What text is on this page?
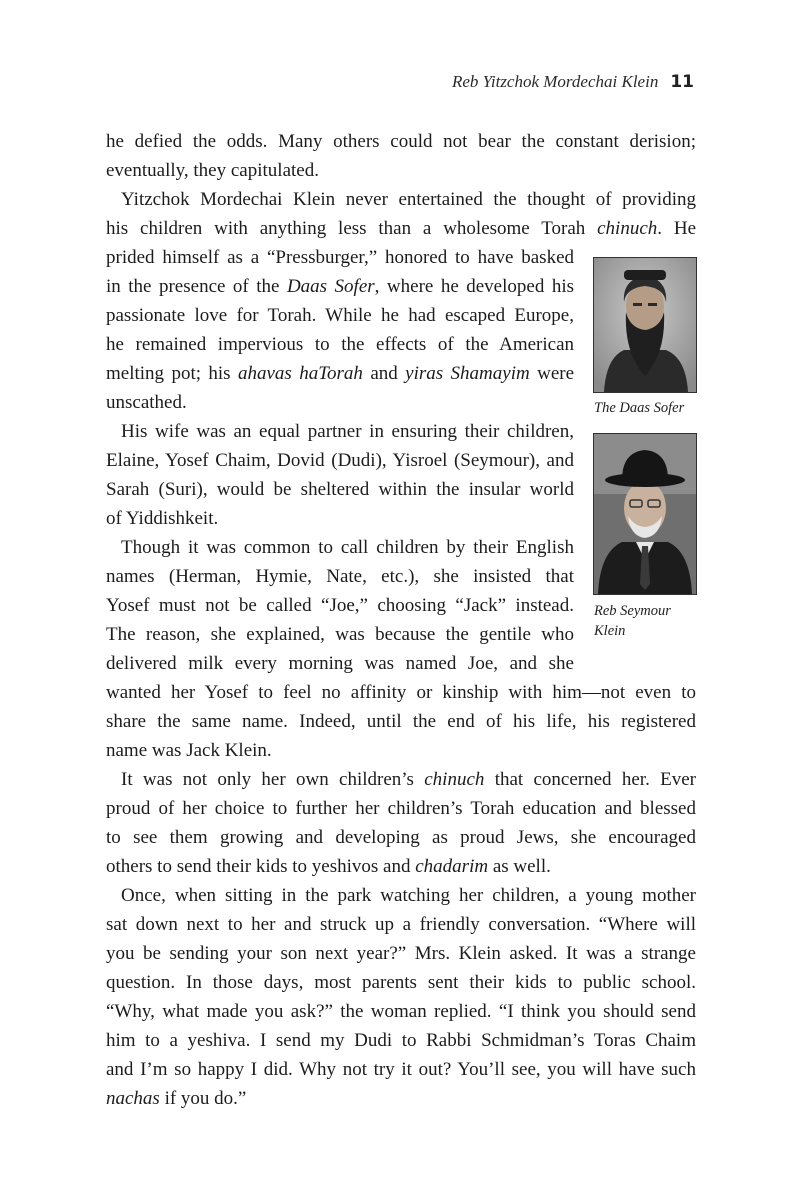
Reb Yitzchok Mordechai Klein 11
he defied the odds. Many others could not bear the constant derision;
eventually, they capitulated.
Yitzchok Mordechai Klein never entertained the thought of providing
his children with anything less than a wholesome Torah chinuch. He
prided himself as a “Pressburger,” honored to have basked
in the presence of the Daas Sofer, where he developed his
passionate love for Torah. While he had escaped Europe,
he remained impervious to the effects of the American
melting pot; his ahavas haTorah and yiras Shamayim were
unscathed.
His wife was an equal partner in ensuring their children,
Elaine, Yosef Chaim, Dovid (Dudi), Yisroel (Seymour), and
Sarah (Suri), would be sheltered within the insular world
of Yiddishkeit.
Though it was common to call children by their English
names (Herman, Hymie, Nate, etc.), she insisted that
Yosef must not be called “Joe,” choosing “Jack” instead.
The reason, she explained, was because the gentile who
delivered milk every morning was named Joe, and she
wanted her Yosef to feel no affinity or kinship with him—not even to
share the same name. Indeed, until the end of his life, his registered
name was Jack Klein.
It was not only her own children’s chinuch that concerned her. Ever
proud of her choice to further her children’s Torah education and blessed
to see them growing and developing as proud Jews, she encouraged
others to send their kids to yeshivos and chadarim as well.
Once, when sitting in the park watching her children, a young mother
sat down next to her and struck up a friendly conversation. “Where will
you be sending your son next year?” Mrs. Klein asked. It was a strange
question. In those days, most parents sent their kids to public school.
“Why, what made you ask?” the woman replied. “I think you should send
him to a yeshiva. I send my Dudi to Rabbi Schmidman’s Toras Chaim
and I’m so happy I did. Why not try it out? You’ll see, you will have such
nachas if you do.”
The Daas Sofer
Reb Seymour
Klein
